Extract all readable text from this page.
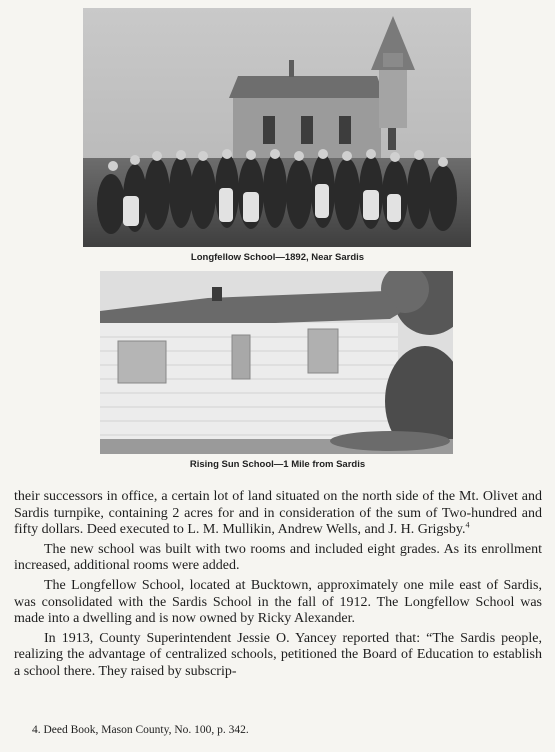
Longfellow School—1892, Near Sardis
Rising Sun School—1 Mile from Sardis

their successors in office, a certain lot of land situated on the north side of the Mt. Olivet and Sardis turnpike, containing 2 acres for and in consideration of the sum of Two-hundred and fifty dollars. Deed executed to L. M. Mullikin, Andrew Wells, and J. H. Grigsby.$^4$

The new school was built with two rooms and included eight grades. As its enrollment increased, additional rooms were added.

The Longfellow School, located at Bucktown, approximately one mile east of Sardis, was consolidated with the Sardis School in the fall of 1912. The Longfellow School was made into a dwelling and is now owned by Ricky Alexander.

In 1913, County Superintendent Jessie O. Yancey reported that: “The Sardis people, realizing the advantage of centralized schools, petitioned the Board of Education to establish a school there. They raised by subscrip-

4. Deed Book, Mason County, No. 100, p. 342.
